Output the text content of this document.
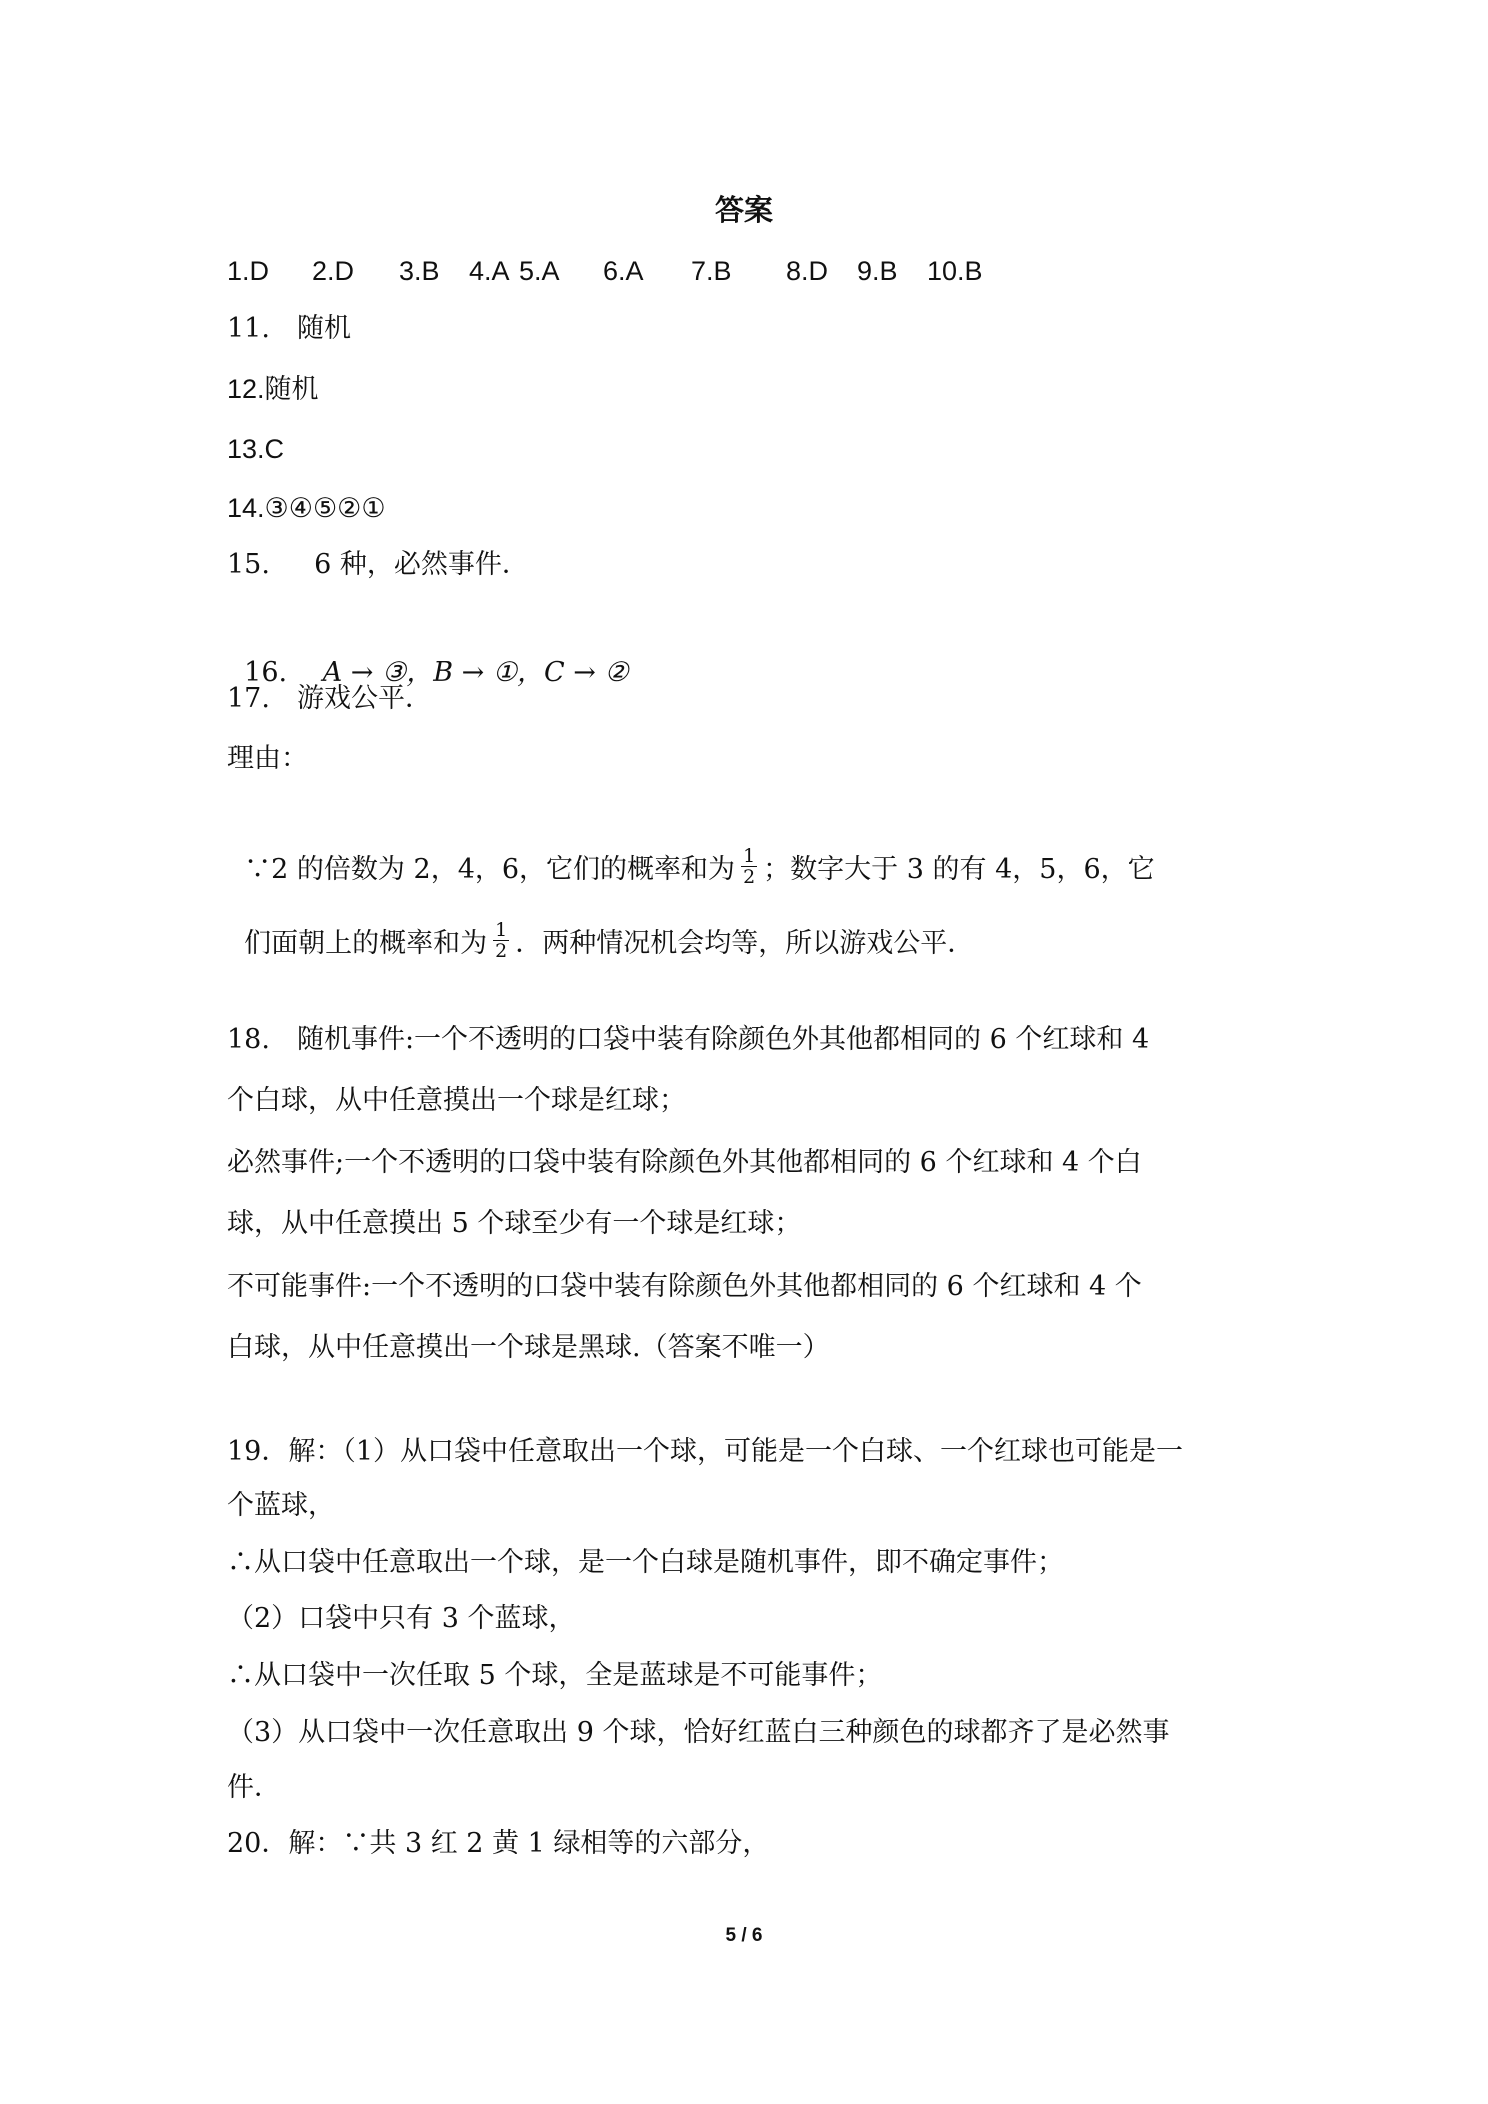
答案
1.D 2.D 3.B 4.A 5.A 6.A 7.B 8.D 9.B 10.B
11.　随机
12.随机
13.C
14.③④⑤②①
15.　  6 种，必然事件．

16.　 A → ③，B → ①，C → ②

17.　游戏公平．
理由：

∵2 的倍数为 2，4，6，它们的概率和为 $\frac{1}{2}$ ；数字大于 3 的有 4，5，6，它

们面朝上的概率和为 $\frac{1}{2}$ ．两种情况机会均等，所以游戏公平．

18.　随机事件:一个不透明的口袋中装有除颜色外其他都相同的 6 个红球和 4
个白球，从中任意摸出一个球是红球；
必然事件;一个不透明的口袋中装有除颜色外其他都相同的 6 个红球和 4 个白
球，从中任意摸出 5 个球至少有一个球是红球；
不可能事件:一个不透明的口袋中装有除颜色外其他都相同的 6 个红球和 4 个
白球，从中任意摸出一个球是黑球.（答案不唯一）
19．解：（1）从口袋中任意取出一个球，可能是一个白球、一个红球也可能是一
个蓝球，
∴从口袋中任意取出一个球，是一个白球是随机事件，即不确定事件；
（2）口袋中只有 3 个蓝球，
∴从口袋中一次任取 5 个球，全是蓝球是不可能事件；
（3）从口袋中一次任意取出 9 个球，恰好红蓝白三种颜色的球都齐了是必然事
件．
20．解：∵共 3 红 2 黄 1 绿相等的六部分，
5 / 6
